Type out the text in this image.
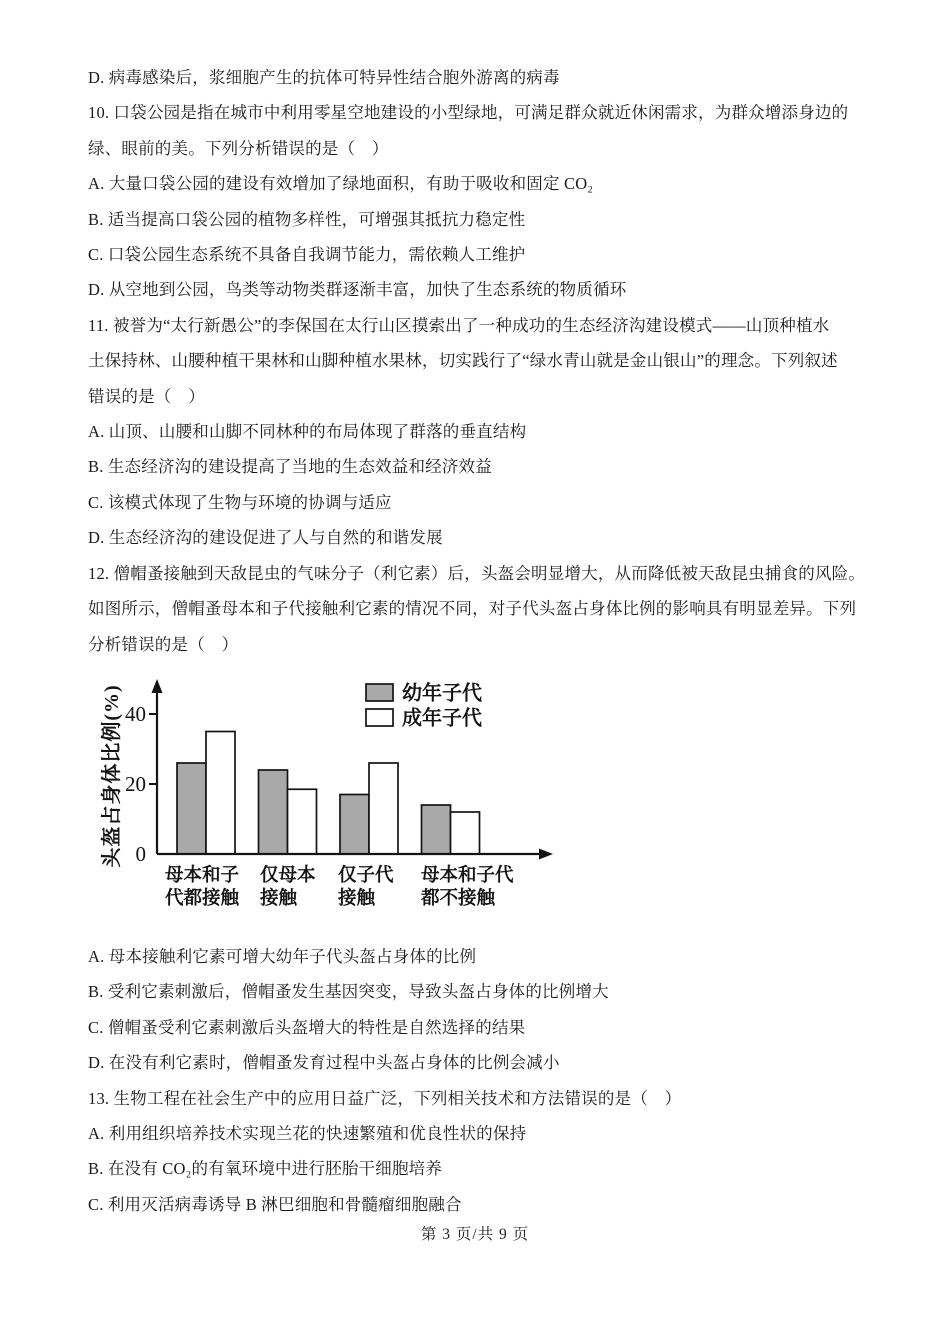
D. 病毒感染后，浆细胞产生的抗体可特异性结合胞外游离的病毒

10. 口袋公园是指在城市中利用零星空地建设的小型绿地，可满足群众就近休闲需求，为群众增添身边的

绿、眼前的美。下列分析错误的是（　）

A. 大量口袋公园的建设有效增加了绿地面积，有助于吸收和固定 CO₂

B. 适当提高口袋公园的植物多样性，可增强其抵抗力稳定性

C. 口袋公园生态系统不具备自我调节能力，需依赖人工维护

D. 从空地到公园，鸟类等动物类群逐渐丰富，加快了生态系统的物质循环

11. 被誉为“太行新愚公”的李保国在太行山区摸索出了一种成功的生态经济沟建设模式——山顶种植水

土保持林、山腰种植干果林和山脚种植水果林，切实践行了“绿水青山就是金山银山”的理念。下列叙述

错误的是（　）

A. 山顶、山腰和山脚不同林种的布局体现了群落的垂直结构

B. 生态经济沟的建设提高了当地的生态效益和经济效益

C. 该模式体现了生物与环境的协调与适应

D. 生态经济沟的建设促进了人与自然的和谐发展

12. 僧帽蚤接触到天敌昆虫的气味分子（利它素）后，头盔会明显增大，从而降低被天敌昆虫捕食的风险。

如图所示，僧帽蚤母本和子代接触利它素的情况不同，对子代头盔占身体比例的影响具有明显差异。下列

分析错误的是（　）

0
20
40
头盔占身体比例(%)	幼年子代
成年子代
母本和子
代都接触
仅母本
接触
仅子代
接触
母本和子代
都不接触

A. 母本接触利它素可增大幼年子代头盔占身体的比例

B. 受利它素刺激后，僧帽蚤发生基因突变，导致头盔占身体的比例增大

C. 僧帽蚤受利它素刺激后头盔增大的特性是自然选择的结果

D. 在没有利它素时，僧帽蚤发育过程中头盔占身体的比例会减小

13. 生物工程在社会生产中的应用日益广泛，下列相关技术和方法错误的是（　）

A. 利用组织培养技术实现兰花的快速繁殖和优良性状的保持

B. 在没有 CO₂的有氧环境中进行胚胎干细胞培养

C. 利用灭活病毒诱导 B 淋巴细胞和骨髓瘤细胞融合

第 3 页/共 9 页
